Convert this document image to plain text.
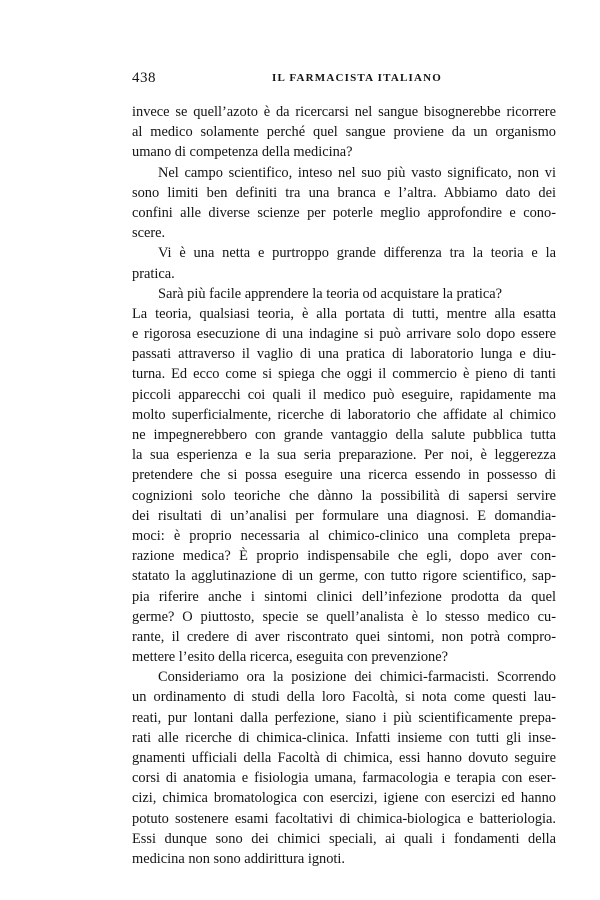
438	IL FARMACISTA ITALIANO
invece se quell’azoto è da ricercarsi nel sangue bisognerebbe ricorrere
al medico solamente perché quel sangue proviene da un organismo
umano di competenza della medicina?
Nel campo scientifico, inteso nel suo più vasto significato, non vi
sono limiti ben definiti tra una branca e l’altra. Abbiamo dato dei
confini alle diverse scienze per poterle meglio approfondire e cono-
scere.
Vi è una netta e purtroppo grande differenza tra la teoria e la
pratica.
Sarà più facile apprendere la teoria od acquistare la pratica?
La teoria, qualsiasi teoria, è alla portata di tutti, mentre alla esatta
e rigorosa esecuzione di una indagine si può arrivare solo dopo essere
passati attraverso il vaglio di una pratica di laboratorio lunga e diu-
turna. Ed ecco come si spiega che oggi il commercio è pieno di tanti
piccoli apparecchi coi quali il medico può eseguire, rapidamente ma
molto superficialmente, ricerche di laboratorio che affidate al chimico
ne impegnerebbero con grande vantaggio della salute pubblica tutta
la sua esperienza e la sua seria preparazione. Per noi, è leggerezza
pretendere che si possa eseguire una ricerca essendo in possesso di
cognizioni solo teoriche che dànno la possibilità di sapersi servire
dei risultati di un’analisi per formulare una diagnosi. E domandia-
moci: è proprio necessaria al chimico-clinico una completa prepa-
razione medica? È proprio indispensabile che egli, dopo aver con-
statato la agglutinazione di un germe, con tutto rigore scientifico, sap-
pia riferire anche i sintomi clinici dell’infezione prodotta da quel
germe? O piuttosto, specie se quell’analista è lo stesso medico cu-
rante, il credere di aver riscontrato quei sintomi, non potrà compro-
mettere l’esito della ricerca, eseguita con prevenzione?
Consideriamo ora la posizione dei chimici-farmacisti. Scorrendo
un ordinamento di studi della loro Facoltà, si nota come questi lau-
reati, pur lontani dalla perfezione, siano i più scientificamente prepa-
rati alle ricerche di chimica-clinica. Infatti insieme con tutti gli inse-
gnamenti ufficiali della Facoltà di chimica, essi hanno dovuto seguire
corsi di anatomia e fisiologia umana, farmacologia e terapia con eser-
cizi, chimica bromatologica con esercizi, igiene con esercizi ed hanno
potuto sostenere esami facoltativi di chimica-biologica e batteriologia.
Essi dunque sono dei chimici speciali, ai quali i fondamenti della
medicina non sono addirittura ignoti.
